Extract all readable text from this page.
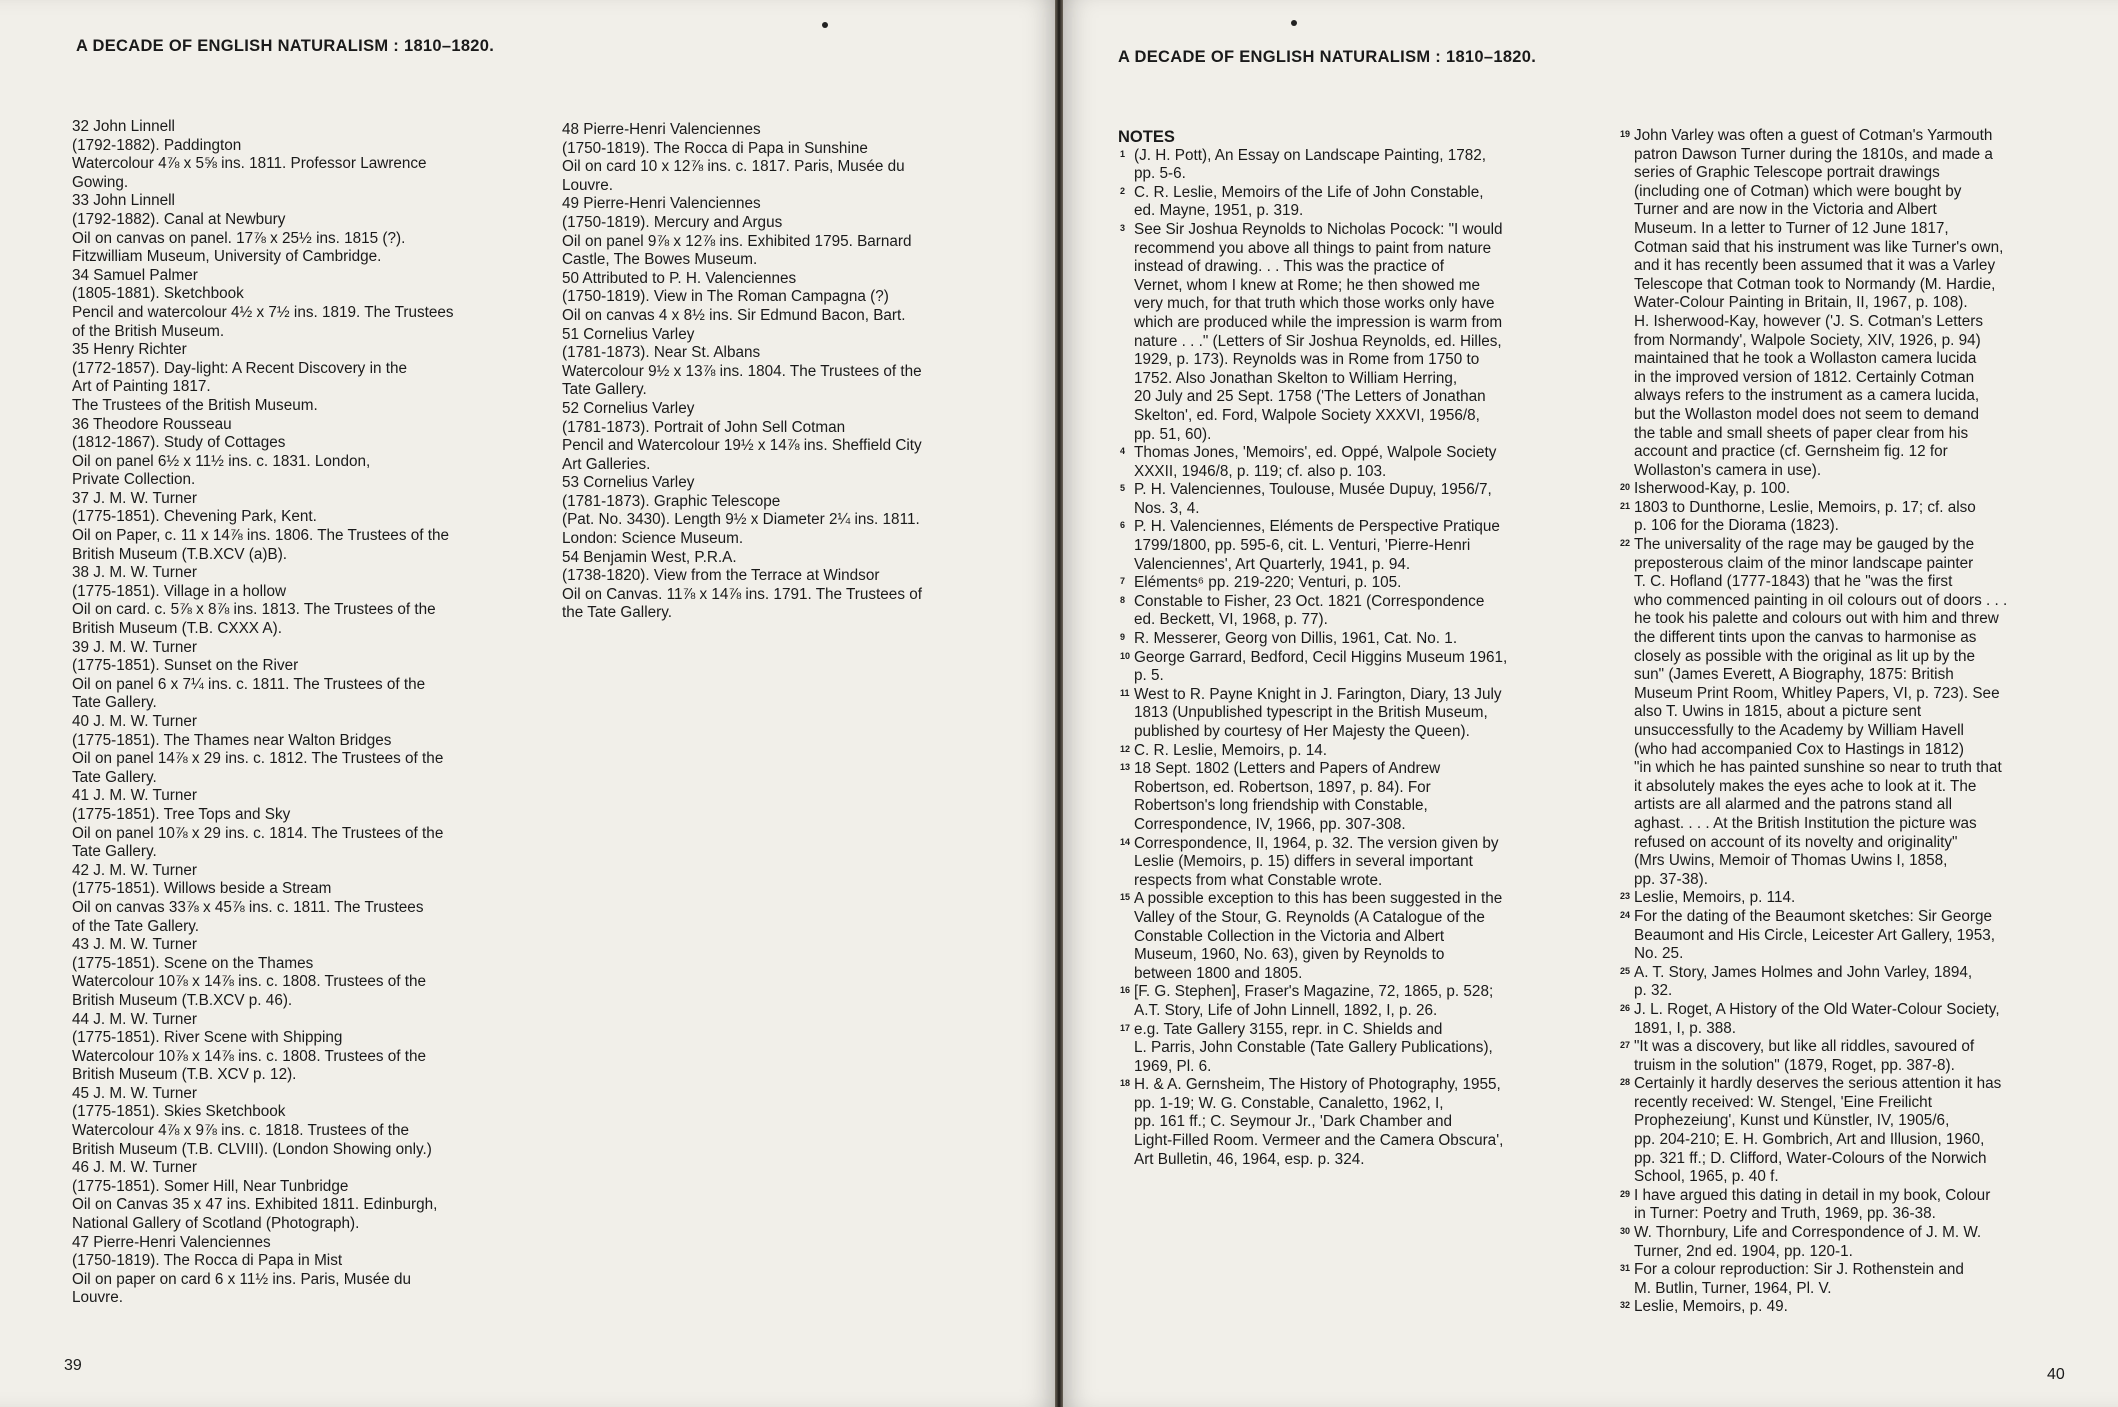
A DECADE OF ENGLISH NATURALISM : 1810–1820.
32 John Linnell
(1792-1882). Paddington
Watercolour 4⅞ x 5⅝ ins. 1811. Professor Lawrence
Gowing.
33 John Linnell
(1792-1882). Canal at Newbury
Oil on canvas on panel. 17⅞ x 25½ ins. 1815 (?).
Fitzwilliam Museum, University of Cambridge.
34 Samuel Palmer
(1805-1881). Sketchbook
Pencil and watercolour 4½ x 7½ ins. 1819. The Trustees
of the British Museum.
35 Henry Richter
(1772-1857). Day-light: A Recent Discovery in the
Art of Painting 1817.
The Trustees of the British Museum.
36 Theodore Rousseau
(1812-1867). Study of Cottages
Oil on panel 6½ x 11½ ins. c. 1831. London,
Private Collection.
37 J. M. W. Turner
(1775-1851). Chevening Park, Kent.
Oil on Paper, c. 11 x 14⅞ ins. 1806. The Trustees of the
British Museum (T.B.XCV (a)B).
38 J. M. W. Turner
(1775-1851). Village in a hollow
Oil on card. c. 5⅞ x 8⅞ ins. 1813. The Trustees of the
British Museum (T.B. CXXX A).
39 J. M. W. Turner
(1775-1851). Sunset on the River
Oil on panel 6 x 7¼ ins. c. 1811. The Trustees of the
Tate Gallery.
40 J. M. W. Turner
(1775-1851). The Thames near Walton Bridges
Oil on panel 14⅞ x 29 ins. c. 1812. The Trustees of the
Tate Gallery.
41 J. M. W. Turner
(1775-1851). Tree Tops and Sky
Oil on panel 10⅞ x 29 ins. c. 1814. The Trustees of the
Tate Gallery.
42 J. M. W. Turner
(1775-1851). Willows beside a Stream
Oil on canvas 33⅞ x 45⅞ ins. c. 1811. The Trustees
of the Tate Gallery.
43 J. M. W. Turner
(1775-1851). Scene on the Thames
Watercolour 10⅞ x 14⅞ ins. c. 1808. Trustees of the
British Museum (T.B.XCV p. 46).
44 J. M. W. Turner
(1775-1851). River Scene with Shipping
Watercolour 10⅞ x 14⅞ ins. c. 1808. Trustees of the
British Museum (T.B. XCV p. 12).
45 J. M. W. Turner
(1775-1851). Skies Sketchbook
Watercolour 4⅞ x 9⅞ ins. c. 1818. Trustees of the
British Museum (T.B. CLVIII). (London Showing only.)
46 J. M. W. Turner
(1775-1851). Somer Hill, Near Tunbridge
Oil on Canvas 35 x 47 ins. Exhibited 1811. Edinburgh,
National Gallery of Scotland (Photograph).
47 Pierre-Henri Valenciennes
(1750-1819). The Rocca di Papa in Mist
Oil on paper on card 6 x 11½ ins. Paris, Musée du
Louvre.
48 Pierre-Henri Valenciennes
(1750-1819). The Rocca di Papa in Sunshine
Oil on card 10 x 12⅞ ins. c. 1817. Paris, Musée du
Louvre.
49 Pierre-Henri Valenciennes
(1750-1819). Mercury and Argus
Oil on panel 9⅞ x 12⅞ ins. Exhibited 1795. Barnard
Castle, The Bowes Museum.
50 Attributed to P. H. Valenciennes
(1750-1819). View in The Roman Campagna (?)
Oil on canvas 4 x 8½ ins. Sir Edmund Bacon, Bart.
51 Cornelius Varley
(1781-1873). Near St. Albans
Watercolour 9½ x 13⅞ ins. 1804. The Trustees of the
Tate Gallery.
52 Cornelius Varley
(1781-1873). Portrait of John Sell Cotman
Pencil and Watercolour 19½ x 14⅞ ins. Sheffield City
Art Galleries.
53 Cornelius Varley
(1781-1873). Graphic Telescope
(Pat. No. 3430). Length 9½ x Diameter 2¼ ins. 1811.
London: Science Museum.
54 Benjamin West, P.R.A.
(1738-1820). View from the Terrace at Windsor
Oil on Canvas. 11⅞ x 14⅞ ins. 1791. The Trustees of
the Tate Gallery.
39
A DECADE OF ENGLISH NATURALISM : 1810–1820.
NOTES
1 (J. H. Pott), An Essay on Landscape Painting, 1782,
pp. 5-6.
2 C. R. Leslie, Memoirs of the Life of John Constable,
ed. Mayne, 1951, p. 319.
3 See Sir Joshua Reynolds to Nicholas Pocock: "I would
recommend you above all things to paint from nature
instead of drawing. . . This was the practice of
Vernet, whom I knew at Rome; he then showed me
very much, for that truth which those works only have
which are produced while the impression is warm from
nature . . ." (Letters of Sir Joshua Reynolds, ed. Hilles,
1929, p. 173). Reynolds was in Rome from 1750 to
1752. Also Jonathan Skelton to William Herring,
20 July and 25 Sept. 1758 ('The Letters of Jonathan
Skelton', ed. Ford, Walpole Society XXXVI, 1956/8,
pp. 51, 60).
4 Thomas Jones, 'Memoirs', ed. Oppé, Walpole Society
XXXII, 1946/8, p. 119; cf. also p. 103.
5 P. H. Valenciennes, Toulouse, Musée Dupuy, 1956/7,
Nos. 3, 4.
6 P. H. Valenciennes, Eléments de Perspective Pratique
1799/1800, pp. 595-6, cit. L. Venturi, 'Pierre-Henri
Valenciennes', Art Quarterly, 1941, p. 94.
7 Eléments⁶ pp. 219-220; Venturi, p. 105.
8 Constable to Fisher, 23 Oct. 1821 (Correspondence
ed. Beckett, VI, 1968, p. 77).
9 R. Messerer, Georg von Dillis, 1961, Cat. No. 1.
10 George Garrard, Bedford, Cecil Higgins Museum 1961,
p. 5.
11 West to R. Payne Knight in J. Farington, Diary, 13 July
1813 (Unpublished typescript in the British Museum,
published by courtesy of Her Majesty the Queen).
12 C. R. Leslie, Memoirs, p. 14.
13 18 Sept. 1802 (Letters and Papers of Andrew
Robertson, ed. Robertson, 1897, p. 84). For
Robertson's long friendship with Constable,
Correspondence, IV, 1966, pp. 307-308.
14 Correspondence, II, 1964, p. 32. The version given by
Leslie (Memoirs, p. 15) differs in several important
respects from what Constable wrote.
15 A possible exception to this has been suggested in the
Valley of the Stour, G. Reynolds (A Catalogue of the
Constable Collection in the Victoria and Albert
Museum, 1960, No. 63), given by Reynolds to
between 1800 and 1805.
16 [F. G. Stephen], Fraser's Magazine, 72, 1865, p. 528;
A.T. Story, Life of John Linnell, 1892, I, p. 26.
17 e.g. Tate Gallery 3155, repr. in C. Shields and
L. Parris, John Constable (Tate Gallery Publications),
1969, Pl. 6.
18 H. & A. Gernsheim, The History of Photography, 1955,
pp. 1-19; W. G. Constable, Canaletto, 1962, I,
pp. 161 ff.; C. Seymour Jr., 'Dark Chamber and
Light-Filled Room. Vermeer and the Camera Obscura',
Art Bulletin, 46, 1964, esp. p. 324.
19 John Varley was often a guest of Cotman's Yarmouth
patron Dawson Turner during the 1810s, and made a
series of Graphic Telescope portrait drawings
(including one of Cotman) which were bought by
Turner and are now in the Victoria and Albert
Museum. In a letter to Turner of 12 June 1817,
Cotman said that his instrument was like Turner's own,
and it has recently been assumed that it was a Varley
Telescope that Cotman took to Normandy (M. Hardie,
Water-Colour Painting in Britain, II, 1967, p. 108).
H. Isherwood-Kay, however ('J. S. Cotman's Letters
from Normandy', Walpole Society, XIV, 1926, p. 94)
maintained that he took a Wollaston camera lucida
in the improved version of 1812. Certainly Cotman
always refers to the instrument as a camera lucida,
but the Wollaston model does not seem to demand
the table and small sheets of paper clear from his
account and practice (cf. Gernsheim fig. 12 for
Wollaston's camera in use).
20 Isherwood-Kay, p. 100.
21 1803 to Dunthorne, Leslie, Memoirs, p. 17; cf. also
p. 106 for the Diorama (1823).
22 The universality of the rage may be gauged by the
preposterous claim of the minor landscape painter
T. C. Hofland (1777-1843) that he "was the first
who commenced painting in oil colours out of doors . . .
he took his palette and colours out with him and threw
the different tints upon the canvas to harmonise as
closely as possible with the original as lit up by the
sun" (James Everett, A Biography, 1875: British
Museum Print Room, Whitley Papers, VI, p. 723). See
also T. Uwins in 1815, about a picture sent
unsuccessfully to the Academy by William Havell
(who had accompanied Cox to Hastings in 1812)
"in which he has painted sunshine so near to truth that
it absolutely makes the eyes ache to look at it. The
artists are all alarmed and the patrons stand all
aghast. . . . At the British Institution the picture was
refused on account of its novelty and originality"
(Mrs Uwins, Memoir of Thomas Uwins I, 1858,
pp. 37-38).
23 Leslie, Memoirs, p. 114.
24 For the dating of the Beaumont sketches: Sir George
Beaumont and His Circle, Leicester Art Gallery, 1953,
No. 25.
25 A. T. Story, James Holmes and John Varley, 1894,
p. 32.
26 J. L. Roget, A History of the Old Water-Colour Society,
1891, I, p. 388.
27 "It was a discovery, but like all riddles, savoured of
truism in the solution" (1879, Roget, pp. 387-8).
28 Certainly it hardly deserves the serious attention it has
recently received: W. Stengel, 'Eine Freilicht
Prophezeiung', Kunst und Künstler, IV, 1905/6,
pp. 204-210; E. H. Gombrich, Art and Illusion, 1960,
pp. 321 ff.; D. Clifford, Water-Colours of the Norwich
School, 1965, p. 40 f.
29 I have argued this dating in detail in my book, Colour
in Turner: Poetry and Truth, 1969, pp. 36-38.
30 W. Thornbury, Life and Correspondence of J. M. W.
Turner, 2nd ed. 1904, pp. 120-1.
31 For a colour reproduction: Sir J. Rothenstein and
M. Butlin, Turner, 1964, Pl. V.
32 Leslie, Memoirs, p. 49.
40
